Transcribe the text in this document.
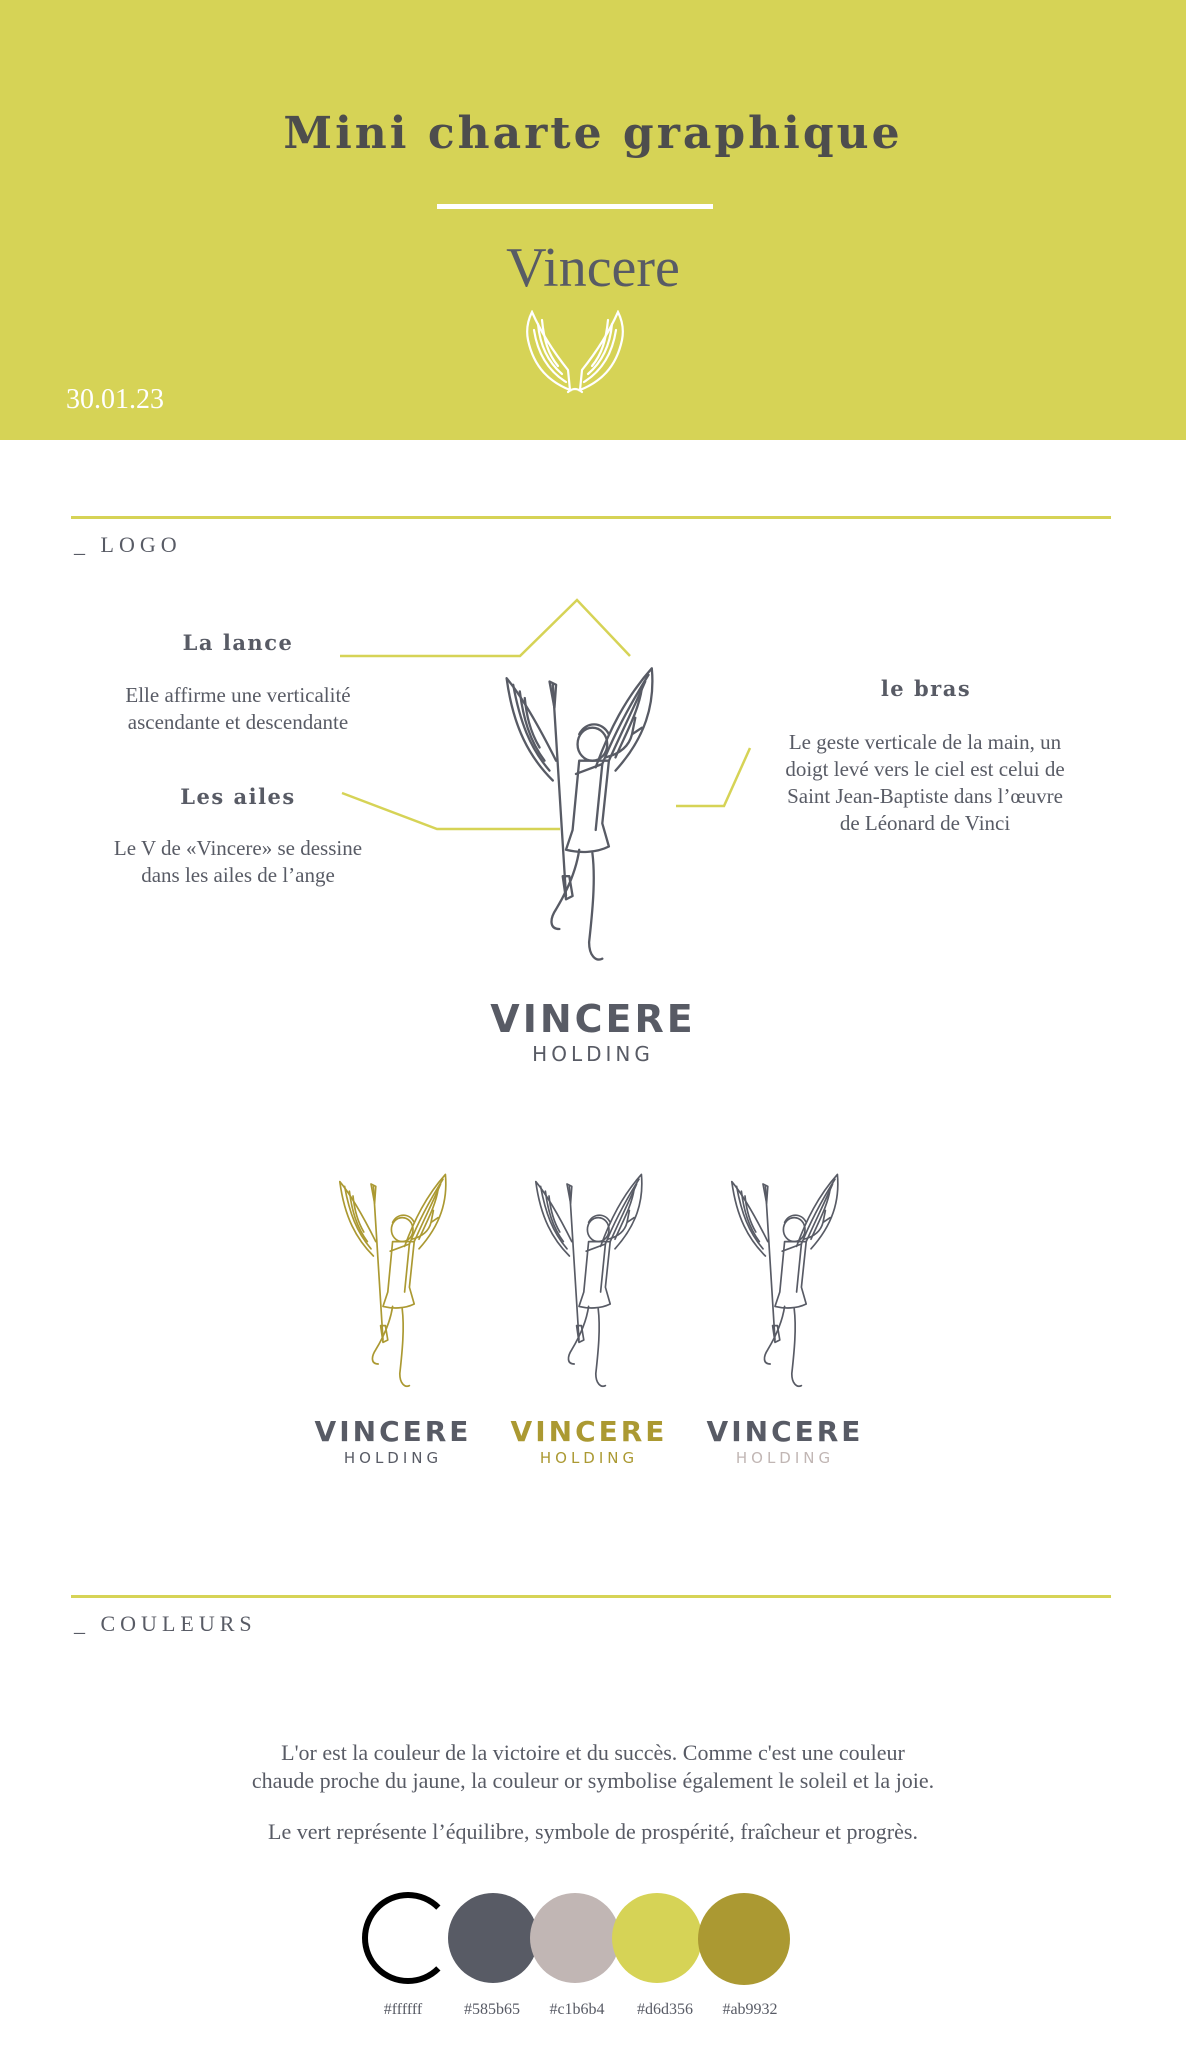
Mini charte graphique
Vincere
30.01.23
_ LOGO
La lance
Elle affirme une verticalité
ascendante et descendante
Les ailes
Le V de «Vincere» se dessine
dans les ailes de l’ange
le bras
Le geste verticale de la main, un
doigt levé vers le ciel est celui de
Saint Jean-Baptiste dans l’œuvre
de Léonard de Vinci
VINCERE
HOLDING
VINCERE
HOLDING
VINCERE
HOLDING
VINCERE
HOLDING
_ COULEURS
L'or est la couleur de la victoire et du succès. Comme c'est une couleur
chaude proche du jaune, la couleur or symbolise également le soleil et la joie.
Le vert représente l’équilibre, symbole de prospérité, fraîcheur et progrès.
#ffffff	#585b65	#c1b6b4	#d6d356	#ab9932
